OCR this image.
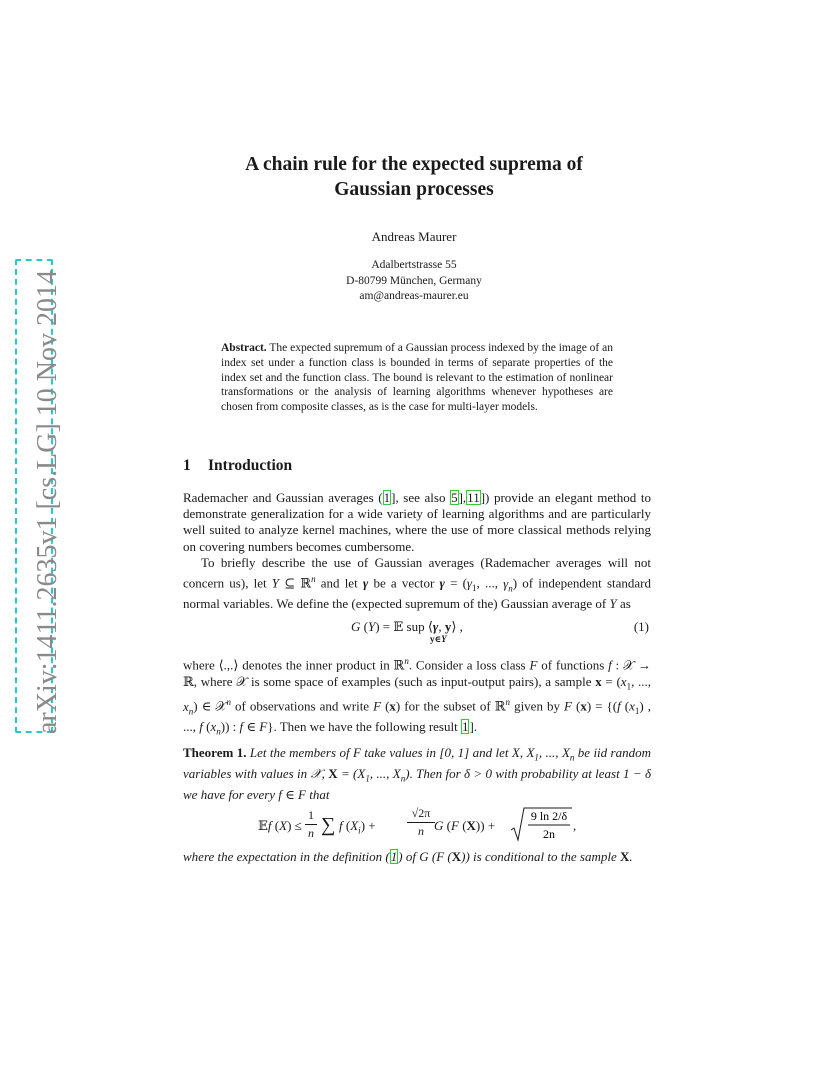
arXiv:1411.2635v1 [cs.LG] 10 Nov 2014
A chain rule for the expected suprema of
Gaussian processes
Andreas Maurer
Adalbertstrasse 55
D-80799 München, Germany
am@andreas-maurer.eu
Abstract. The expected supremum of a Gaussian process indexed by the image of an index set under a function class is bounded in terms of separate properties of the index set and the function class. The bound is relevant to the estimation of nonlinear transformations or the analysis of learning algorithms whenever hypotheses are chosen from composite classes, as is the case for multi-layer models.
1 Introduction
Rademacher and Gaussian averages (1], see also 5],11]) provide an elegant method to demonstrate generalization for a wide variety of learning algorithms and are particularly well suited to analyze kernel machines, where the use of more classical methods relying on covering numbers becomes cumbersome.
To briefly describe the use of Gaussian averages (Rademacher averages will not concern us), let Y ⊆ ℝ$^n$ and let γ be a vector $\gamma = (\gamma_1$, ..., $\gamma_n$) of independent standard normal variables. We define the (expected supremum of the) Gaussian average of Y as
G (Y) = 𝔼 sup ⟨γ, y⟩ ,
y∈Y
(1)
where ⟨.,.⟩ denotes the inner product in ℝ$^n$. Consider a loss class F of functions f : 𝒳 → ℝ, where 𝒳 is some space of examples (such as input-output pairs), a sample $x = (x_1$, ..., $x_n$) ∈ 𝒳$^n$ of observations and write F (x) for the subset of ℝ$^n$ given by F (x) = {(f $(x_1)$ , ..., f $(x_n)$) : f ∈ F}. Then we have the following result 1].
Theorem 1. Let the members of F take values in [0, 1] and let X, $X_1$, ..., $X_n$ be iid random variables with values in 𝒳, $X = (X_1$, ..., $X_n$). Then for δ > 0 with probability at least 1 − δ we have for every f ∈ F that
𝔼f (X) ≤
1
n ∑ f $(X_i)$ +
√2π
n G (F (X)) +
9 ln 2/δ
2n
,
where the expectation in the definition (1) of G (F (X)) is conditional to the sample X.
